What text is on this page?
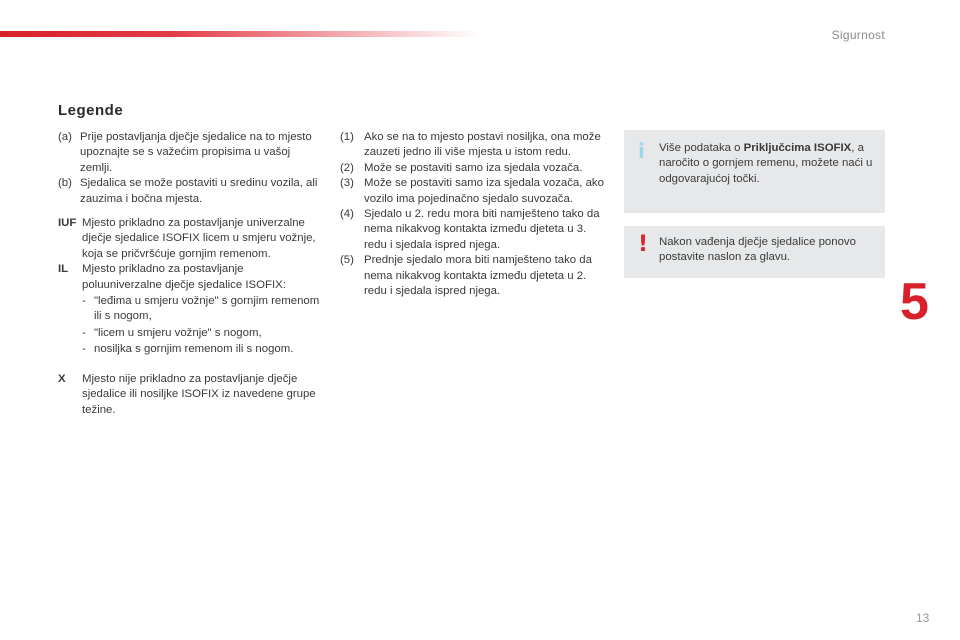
Sigurnost
Legende
(a) Prije postavljanja dječje sjedalice na to mjesto upoznajte se s važećim propisima u vašoj zemlji.
(b) Sjedalica se može postaviti u sredinu vozila, ali zauzima i bočna mjesta.
IUF Mjesto prikladno za postavljanje univerzalne dječje sjedalice ISOFIX licem u smjeru vožnje, koja se pričvršćuje gornjim remenom.
IL	Mjesto prikladno za postavljanje poluuniverzalne dječje sjedalice ISOFIX:
- "leđima u smjeru vožnje" s gornjim remenom ili s nogom,
- "licem u smjeru vožnje" s nogom,
- nosiljka s gornjim remenom ili s nogom.
X	Mjesto nije prikladno za postavljanje dječje sjedalice ili nosiljke ISOFIX iz navedene grupe težine.
(1) Ako se na to mjesto postavi nosiljka, ona može zauzeti jedno ili više mjesta u istom redu.
(2) Može se postaviti samo iza sjedala vozača.
(3) Može se postaviti samo iza sjedala vozača, ako vozilo ima pojedinačno sjedalo suvozača.
(4) Sjedalo u 2. redu mora biti namješteno tako da nema nikakvog kontakta između djeteta u 3. redu i sjedala ispred njega.
(5) Prednje sjedalo mora biti namješteno tako da nema nikakvog kontakta između djeteta u 2. redu i sjedala ispred njega.
i Više podataka o Priključcima ISOFIX, a naročito o gornjem remenu, možete naći u odgovarajućoj točki.
! Nakon vađenja dječje sjedalice ponovo postavite naslon za glavu.
5
13
